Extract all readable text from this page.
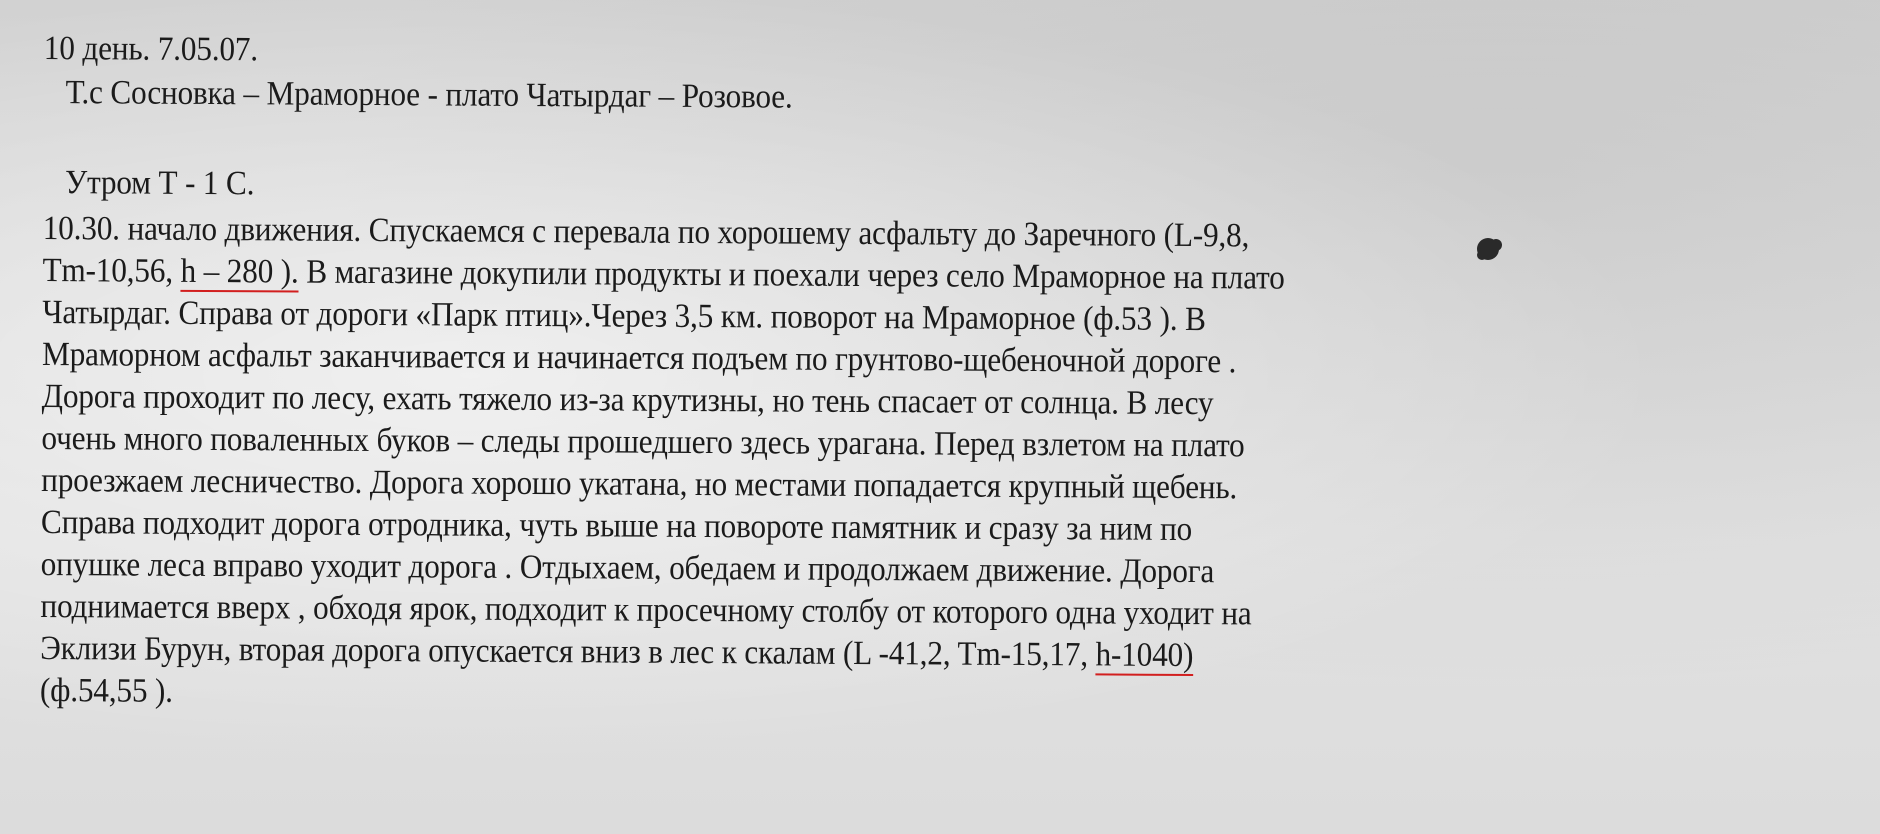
10 день. 7.05.07.
Т.с Сосновка – Мраморное - плато Чатырдаг – Розовое.
Утром Т - 1 С.
10.30. начало движения. Спускаемся с перевала по хорошему асфальту до Заречного (L-9,8,
Tm-10,56, h – 280 ). В магазине докупили продукты и поехали через село Мраморное на плато
Чатырдаг. Справа от дороги «Парк птиц».Через 3,5 км. поворот на Мраморное (ф.53 ). В
Мраморном асфальт заканчивается и начинается подъем по грунтово-щебеночной дороге .
Дорога проходит по лесу, ехать тяжело из-за крутизны, но тень спасает от солнца. В лесу
очень много поваленных буков – следы прошедшего здесь урагана. Перед взлетом на плато
проезжаем лесничество. Дорога хорошо укатана, но местами попадается крупный щебень.
Справа подходит дорога отродника, чуть выше на повороте памятник и сразу за ним по
опушке леса вправо уходит дорога . Отдыхаем, обедаем и продолжаем движение. Дорога
поднимается вверх , обходя ярок, подходит к просечному столбу от которого одна уходит на
Эклизи Бурун, вторая дорога опускается вниз в лес к скалам (L -41,2, Tm-15,17, h-1040)
(ф.54,55 ).
